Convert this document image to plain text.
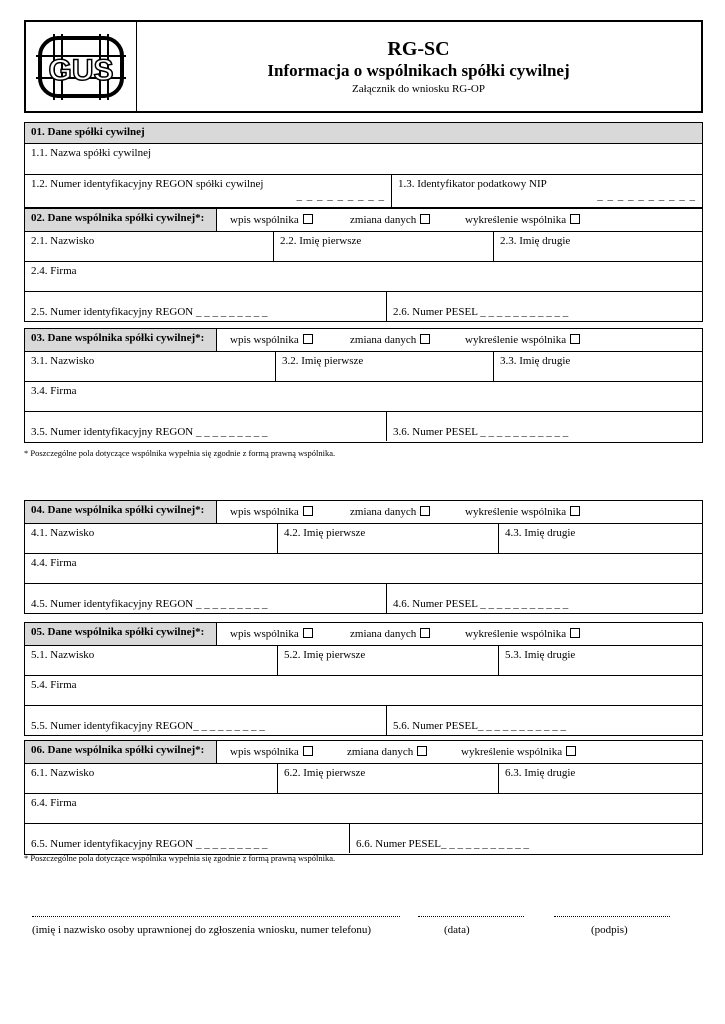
GUS
RG-SC
Informacja o wspólnikach spółki cywilnej
Załącznik do wniosku RG-OP
01. Dane spółki cywilnej
1.1. Nazwa spółki cywilnej
1.2. Numer identyfikacyjny REGON spółki cywilnej
_ _ _ _ _ _ _ _ _
1.3. Identyfikator podatkowy NIP
_ _ _ _ _ _ _ _ _ _
02. Dane wspólnika spółki cywilnej*:	wpis wspólnika	zmiana danych	wykreślenie wspólnika
2.1. Nazwisko	2.2. Imię pierwsze	2.3. Imię drugie
2.4. Firma
2.5. Numer identyfikacyjny REGON _ _ _ _ _ _ _ _ _	2.6. Numer PESEL _ _ _ _ _ _ _ _ _ _ _
03. Dane wspólnika spółki cywilnej*:	wpis wspólnika	zmiana danych	wykreślenie wspólnika
3.1. Nazwisko	3.2. Imię pierwsze	3.3. Imię drugie
3.4. Firma
3.5. Numer identyfikacyjny REGON _ _ _ _ _ _ _ _ _	3.6. Numer PESEL _ _ _ _ _ _ _ _ _ _ _
04. Dane wspólnika spółki cywilnej*:	wpis wspólnika	zmiana danych	wykreślenie wspólnika
4.1. Nazwisko	4.2. Imię pierwsze	4.3. Imię drugie
4.4. Firma
4.5. Numer identyfikacyjny REGON _ _ _ _ _ _ _ _ _	4.6. Numer PESEL _ _ _ _ _ _ _ _ _ _ _
05. Dane wspólnika spółki cywilnej*:	wpis wspólnika	zmiana danych	wykreślenie wspólnika
5.1. Nazwisko	5.2. Imię pierwsze	5.3. Imię drugie
5.4. Firma
5.5. Numer identyfikacyjny REGON_ _ _ _ _ _ _ _ _	5.6. Numer PESEL_ _ _ _ _ _ _ _ _ _ _
06. Dane wspólnika spółki cywilnej*:	wpis wspólnika	zmiana danych	wykreślenie wspólnika
6.1. Nazwisko	6.2. Imię pierwsze	6.3. Imię drugie
6.4. Firma
6.5. Numer identyfikacyjny REGON _ _ _ _ _ _ _ _ _	6.6. Numer PESEL_ _ _ _ _ _ _ _ _ _ _
* Poszczególne pola dotyczące wspólnika wypełnia się zgodnie z formą prawną wspólnika.
* Poszczególne pola dotyczące wspólnika wypełnia się zgodnie z formą prawną wspólnika.
(imię i nazwisko osoby uprawnionej do zgłoszenia wniosku, numer telefonu)	(data)	(podpis)
